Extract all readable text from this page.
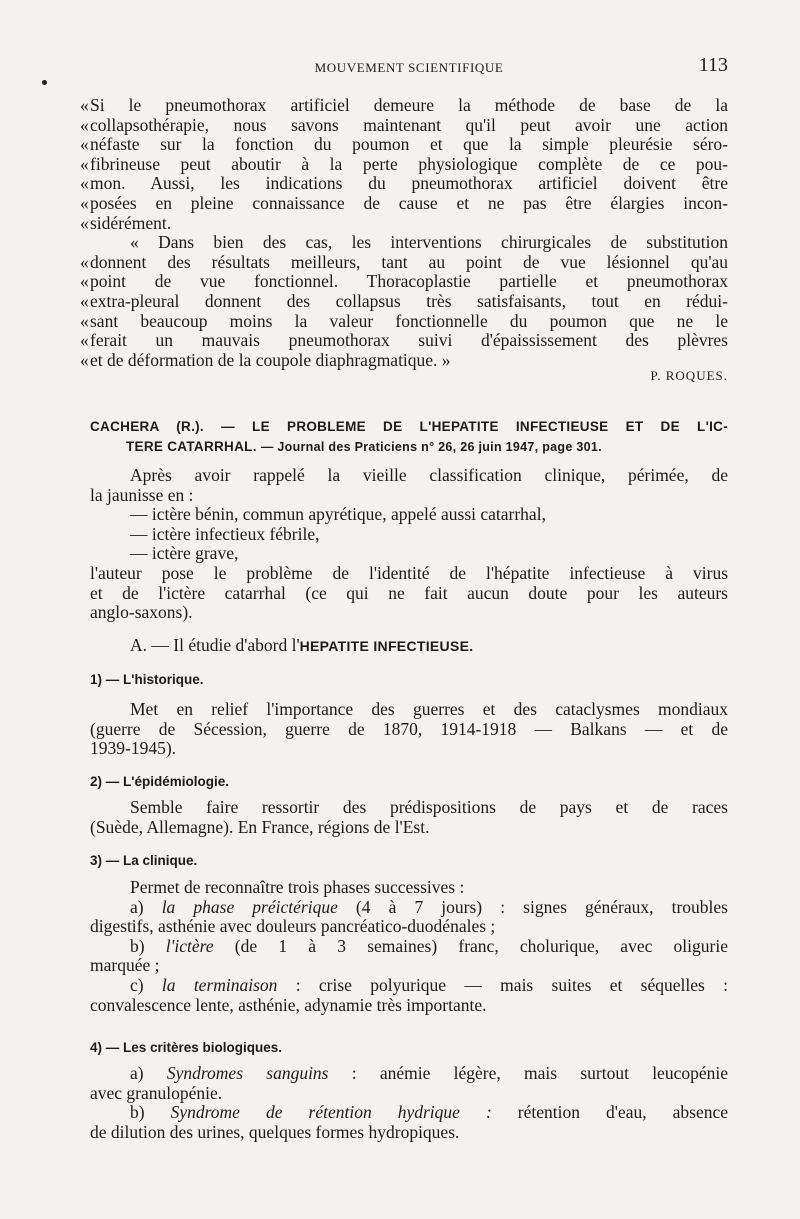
MOUVEMENT SCIENTIFIQUE	113
« Si le pneumothorax artificiel demeure la méthode de base de la
« collapsothérapie, nous savons maintenant qu'il peut avoir une action
« néfaste sur la fonction du poumon et que la simple pleurésie séro-
« fibrineuse peut aboutir à la perte physiologique complète de ce pou-
« mon. Aussi, les indications du pneumothorax artificiel doivent être
« posées en pleine connaissance de cause et ne pas être élargies incon-
« sidérément.
« Dans bien des cas, les interventions chirurgicales de substitution
« donnent des résultats meilleurs, tant au point de vue lésionnel qu'au
« point de vue fonctionnel. Thoracoplastie partielle et pneumothorax
« extra-pleural donnent des collapsus très satisfaisants, tout en rédui-
« sant beaucoup moins la valeur fonctionnelle du poumon que ne le
« ferait un mauvais pneumothorax suivi d'épaississement des plèvres
« et de déformation de la coupole diaphragmatique. »
P. ROQUES.
CACHERA (R.). — LE PROBLEME DE L'HEPATITE INFECTIEUSE ET DE L'IC-
TERE CATARRHAL. — Journal des Praticiens n° 26, 26 juin 1947, page 301.
Après avoir rappelé la vieille classification clinique, périmée, de
la jaunisse en :
— ictère bénin, commun apyrétique, appelé aussi catarrhal,
— ictère infectieux fébrile,
— ictère grave,
l'auteur pose le problème de l'identité de l'hépatite infectieuse à virus
et de l'ictère catarrhal (ce qui ne fait aucun doute pour les auteurs
anglo-saxons).
A. — Il étudie d'abord l'HEPATITE INFECTIEUSE.
1) — L'historique.
Met en relief l'importance des guerres et des cataclysmes mondiaux
(guerre de Sécession, guerre de 1870, 1914-1918 — Balkans — et de
1939-1945).
2) — L'épidémiologie.
Semble faire ressortir des prédispositions de pays et de races
(Suède, Allemagne). En France, régions de l'Est.
3) — La clinique.
Permet de reconnaître trois phases successives :
a) la phase préictérique (4 à 7 jours) : signes généraux, troubles
digestifs, asthénie avec douleurs pancréatico-duodénales ;
b) l'ictère (de 1 à 3 semaines) franc, cholurique, avec oligurie
marquée ;
c) la terminaison : crise polyurique — mais suites et séquelles :
convalescence lente, asthénie, adynamie très importante.
4) — Les critères biologiques.
a) Syndromes sanguins : anémie légère, mais surtout leucopénie
avec granulopénie.
b) Syndrome de rétention hydrique : rétention d'eau, absence
de dilution des urines, quelques formes hydropiques.
